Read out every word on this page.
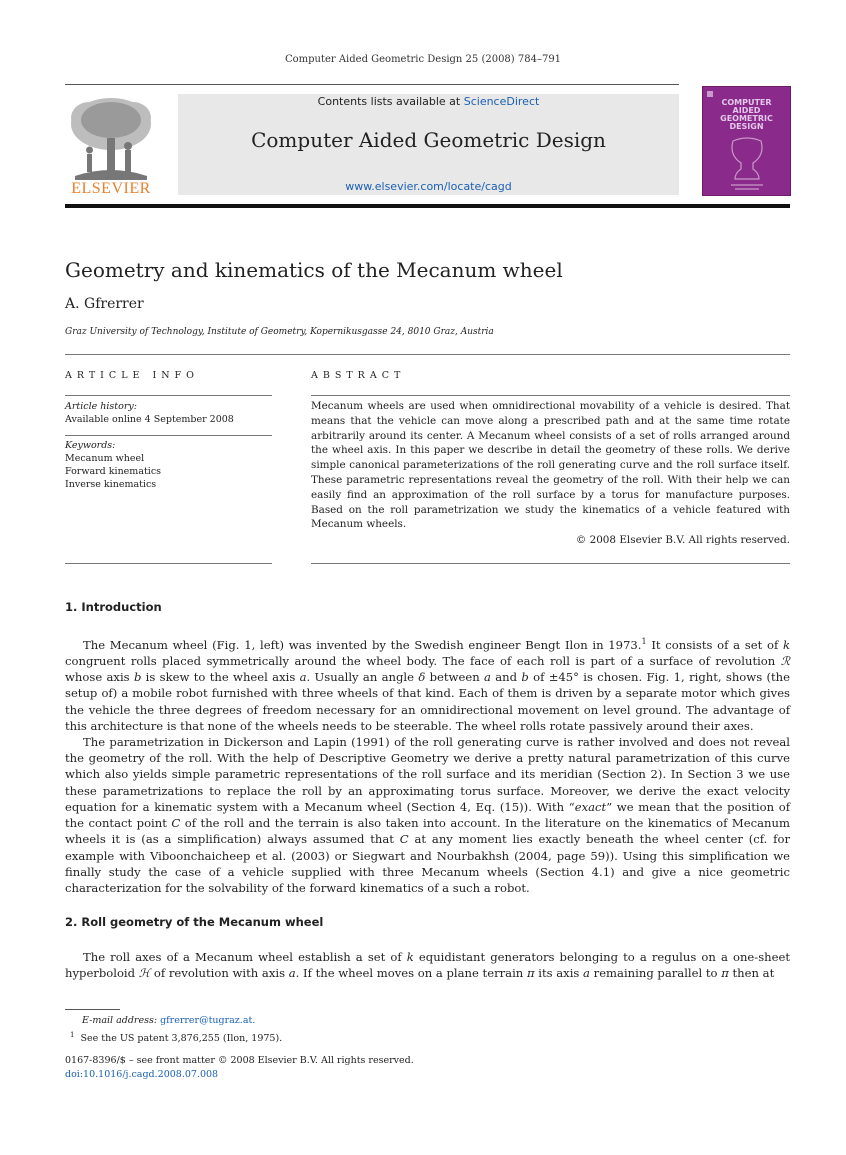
Computer Aided Geometric Design 25 (2008) 784–791
ELSEVIER
Contents lists available at ScienceDirect
Computer Aided Geometric Design
www.elsevier.com/locate/cagd
COMPUTER
AIDED
GEOMETRIC
DESIGN
Geometry and kinematics of the Mecanum wheel
A. Gfrerrer
Graz University of Technology, Institute of Geometry, Kopernikusgasse 24, 8010 Graz, Austria
ARTICLE INFO
Article history:
Available online 4 September 2008
Keywords:
Mecanum wheel
Forward kinematics
Inverse kinematics
ABSTRACT
Mecanum wheels are used when omnidirectional movability of a vehicle is desired. That means that the vehicle can move along a prescribed path and at the same time rotate arbitrarily around its center. A Mecanum wheel consists of a set of rolls arranged around the wheel axis. In this paper we describe in detail the geometry of these rolls. We derive simple canonical parameterizations of the roll generating curve and the roll surface itself. These parametric representations reveal the geometry of the roll. With their help we can easily find an approximation of the roll surface by a torus for manufacture purposes. Based on the roll parametrization we study the kinematics of a vehicle featured with Mecanum wheels.
© 2008 Elsevier B.V. All rights reserved.
1. Introduction

The Mecanum wheel (Fig. 1, left) was invented by the Swedish engineer Bengt Ilon in 1973.$^1$ It consists of a set of k congruent rolls placed symmetrically around the wheel body. The face of each roll is part of a surface of revolution ℛ whose axis b is skew to the wheel axis a. Usually an angle δ between a and b of ±45° is chosen. Fig. 1, right, shows (the setup of) a mobile robot furnished with three wheels of that kind. Each of them is driven by a separate motor which gives the vehicle the three degrees of freedom necessary for an omnidirectional movement on level ground. The advantage of this architecture is that none of the wheels needs to be steerable. The wheel rolls rotate passively around their axes.

The parametrization in Dickerson and Lapin (1991) of the roll generating curve is rather involved and does not reveal the geometry of the roll. With the help of Descriptive Geometry we derive a pretty natural parametrization of this curve which also yields simple parametric representations of the roll surface and its meridian (Section 2). In Section 3 we use these parametrizations to replace the roll by an approximating torus surface. Moreover, we derive the exact velocity equation for a kinematic system with a Mecanum wheel (Section 4, Eq. (15)). With “exact” we mean that the position of the contact point C of the roll and the terrain is also taken into account. In the literature on the kinematics of Mecanum wheels it is (as a simplification) always assumed that C at any moment lies exactly beneath the wheel center (cf. for example with Viboonchaicheep et al. (2003) or Siegwart and Nourbakhsh (2004, page 59)). Using this simplification we finally study the case of a vehicle supplied with three Mecanum wheels (Section 4.1) and give a nice geometric characterization for the solvability of the forward kinematics of a such a robot.

2. Roll geometry of the Mecanum wheel

The roll axes of a Mecanum wheel establish a set of k equidistant generators belonging to a regulus on a one-sheet hyperboloid ℋ of revolution with axis a. If the wheel moves on a plane terrain π its axis a remaining parallel to π then at

E-mail address: gfrerrer@tugraz.at.
$^1$ See the US patent 3,876,255 (Ilon, 1975).
0167-8396/$ – see front matter © 2008 Elsevier B.V. All rights reserved.
doi:10.1016/j.cagd.2008.07.008
